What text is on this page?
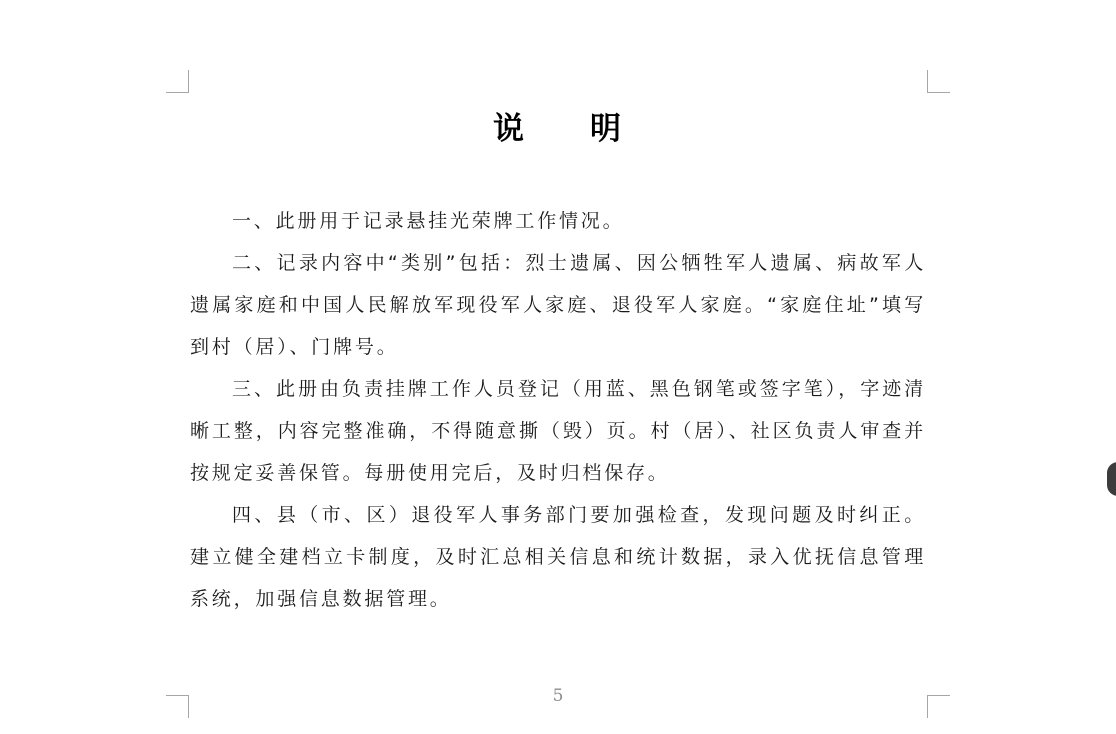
说 明

一、此册用于记录悬挂光荣牌工作情况。

二、记录内容中“类别”包括：烈士遗属、因公牺牲军人遗属、病故军人遗属家庭和中国人民解放军现役军人家庭、退役军人家庭。“家庭住址”填写到村（居）、门牌号。

三、此册由负责挂牌工作人员登记（用蓝、黑色钢笔或签字笔），字迹清晰工整，内容完整准确，不得随意撕（毁）页。村（居）、社区负责人审查并按规定妥善保管。每册使用完后，及时归档保存。

四、县（市、区）退役军人事务部门要加强检查，发现问题及时纠正。建立健全建档立卡制度，及时汇总相关信息和统计数据，录入优抚信息管理系统，加强信息数据管理。

5
